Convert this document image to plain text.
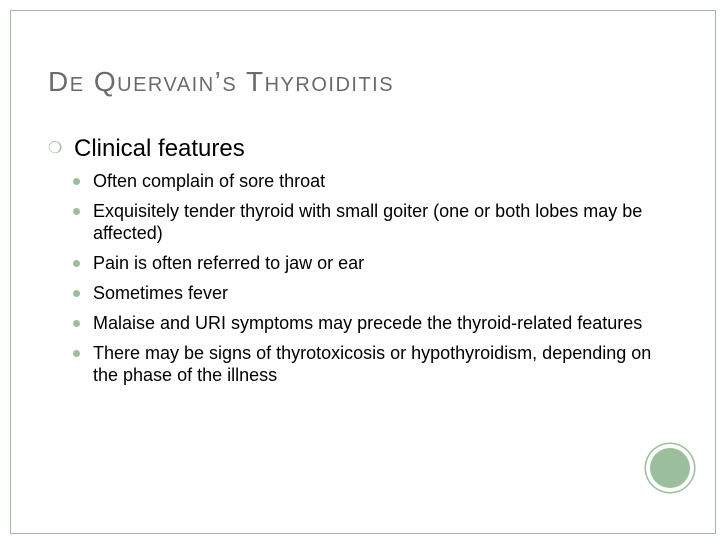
De Quervain’s Thyroiditis
❍ Clinical features
Often complain of sore throat
Exquisitely tender thyroid with small goiter (one or both lobes may be affected)
Pain is often referred to jaw or ear
Sometimes fever
Malaise and URI symptoms may precede the thyroid-related features
There may be signs of thyrotoxicosis or hypothyroidism, depending on the phase of the illness
